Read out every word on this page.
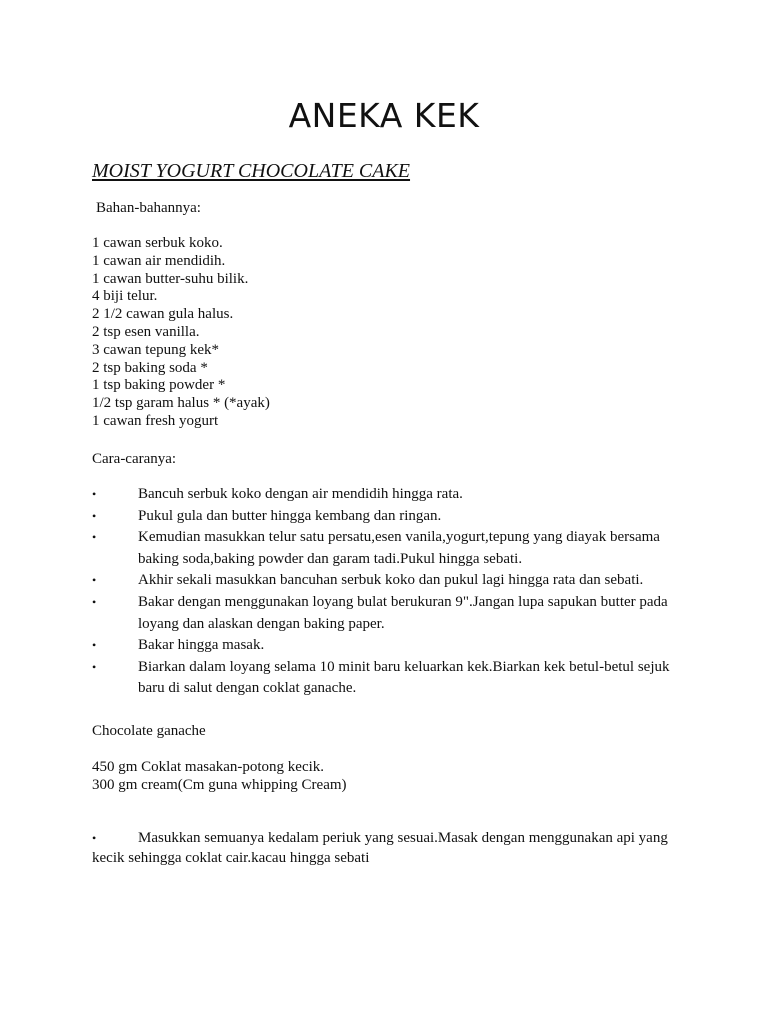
ANEKA KEK
MOIST YOGURT CHOCOLATE CAKE

Bahan-bahannya:

1 cawan serbuk koko.
1 cawan air mendidih.
1 cawan butter-suhu bilik.
4 biji telur.
2 1/2 cawan gula halus.
2 tsp esen vanilla.
3 cawan tepung kek*
2 tsp baking soda *
1 tsp baking powder *
1/2 tsp garam halus * (*ayak)
1 cawan fresh yogurt

Cara-caranya:

•	Bancuh serbuk koko dengan air mendidih hingga rata.
•	Pukul gula dan butter hingga kembang dan ringan.
•	Kemudian masukkan telur satu persatu,esen vanila,yogurt,tepung yang diayak bersama baking soda,baking powder dan garam tadi.Pukul hingga sebati.
•	Akhir sekali masukkan bancuhan serbuk koko dan pukul lagi hingga rata dan sebati.
•	Bakar dengan menggunakan loyang bulat berukuran 9".Jangan lupa sapukan butter pada loyang dan alaskan dengan baking paper.
•	Bakar hingga masak.
•	Biarkan dalam loyang selama 10 minit baru keluarkan kek.Biarkan kek betul-betul sejuk baru di salut dengan coklat ganache.

Chocolate ganache

450 gm Coklat masakan-potong kecik.
300 gm cream(Cm guna whipping Cream)

•	Masukkan semuanya kedalam periuk yang sesuai.Masak dengan menggunakan api yang kecik sehingga coklat cair.kacau hingga sebati
